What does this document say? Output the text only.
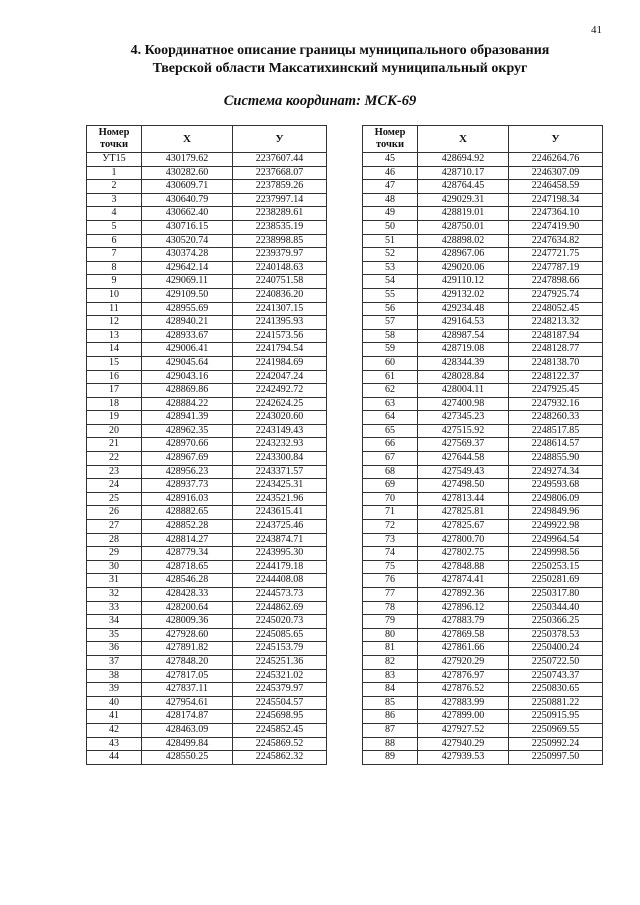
41
4. Координатное описание границы муниципального образования
Тверской области Максатихинский муниципальный округ
Система координат: МСК-69
Номер
точки	X	У
УТ15	430179.62	2237607.44
1	430282.60	2237668.07
2	430609.71	2237859.26
3	430640.79	2237997.14
4	430662.40	2238289.61
5	430716.15	2238535.19
6	430520.74	2238998.85
7	430374.28	2239379.97
8	429642.14	2240148.63
9	429069.11	2240751.58
10	429109.50	2240836.20
11	428955.69	2241307.15
12	428940.21	2241395.93
13	428933.67	2241573.56
14	429006.41	2241794.54
15	429045.64	2241984.69
16	429043.16	2242047.24
17	428869.86	2242492.72
18	428884.22	2242624.25
19	428941.39	2243020.60
20	428962.35	2243149.43
21	428970.66	2243232.93
22	428967.69	2243300.84
23	428956.23	2243371.57
24	428937.73	2243425.31
25	428916.03	2243521.96
26	428882.65	2243615.41
27	428852.28	2243725.46
28	428814.27	2243874.71
29	428779.34	2243995.30
30	428718.65	2244179.18
31	428546.28	2244408.08
32	428428.33	2244573.73
33	428200.64	2244862.69
34	428009.36	2245020.73
35	427928.60	2245085.65
36	427891.82	2245153.79
37	427848.20	2245251.36
38	427817.05	2245321.02
39	427837.11	2245379.97
40	427954.61	2245504.57
41	428174.87	2245698.95
42	428463.09	2245852.45
43	428499.84	2245869.52
44	428550.25	2245862.32
Номер
точки	X	У
45	428694.92	2246264.76
46	428710.17	2246307.09
47	428764.45	2246458.59
48	429029.31	2247198.34
49	428819.01	2247364.10
50	428750.01	2247419.90
51	428898.02	2247634.82
52	428967.06	2247721.75
53	429020.06	2247787.19
54	429110.12	2247898.66
55	429132.02	2247925.74
56	429234.48	2248052.45
57	429164.53	2248213.32
58	428987.54	2248187.94
59	428719.08	2248128.77
60	428344.39	2248138.70
61	428028.84	2248122.37
62	428004.11	2247925.45
63	427400.98	2247932.16
64	427345.23	2248260.33
65	427515.92	2248517.85
66	427569.37	2248614.57
67	427644.58	2248855.90
68	427549.43	2249274.34
69	427498.50	2249593.68
70	427813.44	2249806.09
71	427825.81	2249849.96
72	427825.67	2249922.98
73	427800.70	2249964.54
74	427802.75	2249998.56
75	427848.88	2250253.15
76	427874.41	2250281.69
77	427892.36	2250317.80
78	427896.12	2250344.40
79	427883.79	2250366.25
80	427869.58	2250378.53
81	427861.66	2250400.24
82	427920.29	2250722.50
83	427876.97	2250743.37
84	427876.52	2250830.65
85	427883.99	2250881.22
86	427899.00	2250915.95
87	427927.52	2250969.55
88	427940.29	2250992.24
89	427939.53	2250997.50
